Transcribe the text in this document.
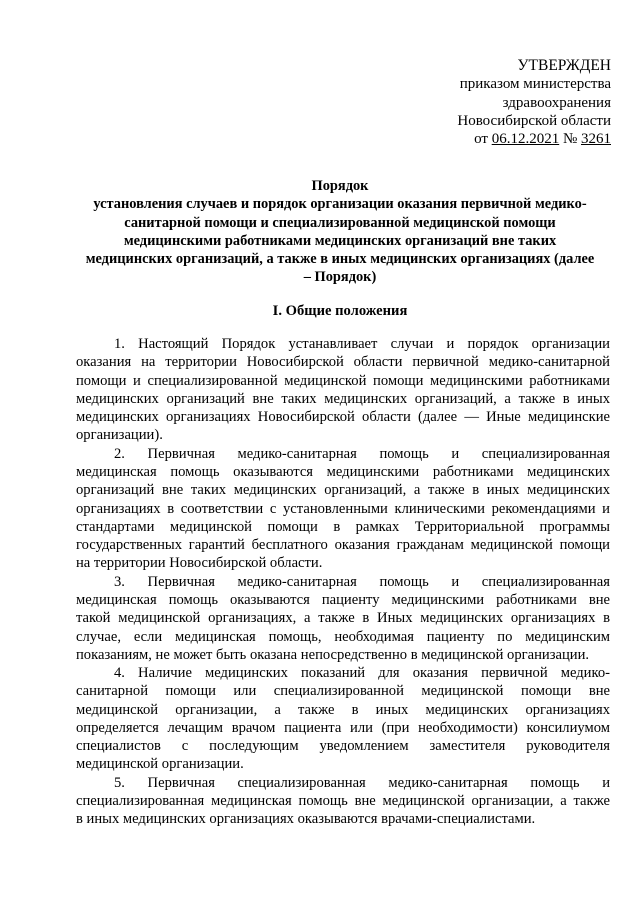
УТВЕРЖДЕН
приказом министерства
здравоохранения
Новосибирской области
от 06.12.2021 № 3261
Порядок
установления случаев и порядок организации оказания первичной медико-
санитарной помощи и специализированной медицинской помощи
медицинскими работниками медицинских организаций вне таких
медицинских организаций, а также в иных медицинских организациях (далее
– Порядок)
I. Общие положения
1. Настоящий Порядок устанавливает случаи и порядок организации
оказания на территории Новосибирской области первичной медико-санитарной
помощи и специализированной медицинской помощи медицинскими работниками
медицинских организаций вне таких медицинских организаций, а также в иных
медицинских организациях Новосибирской области (далее — Иные медицинские
организации).
2. Первичная медико-санитарная помощь и специализированная
медицинская помощь оказываются медицинскими работниками медицинских
организаций вне таких медицинских организаций, а также в иных медицинских
организациях в соответствии с установленными клиническими рекомендациями и
стандартами медицинской помощи в рамках Территориальной программы
государственных гарантий бесплатного оказания гражданам медицинской помощи
на территории Новосибирской области.
3. Первичная медико-санитарная помощь и специализированная
медицинская помощь оказываются пациенту медицинскими работниками вне
такой медицинской организациях, а также в Иных медицинских организациях в
случае, если медицинская помощь, необходимая пациенту по медицинским
показаниям, не может быть оказана непосредственно в медицинской организации.
4. Наличие медицинских показаний для оказания первичной медико-
санитарной помощи или специализированной медицинской помощи вне
медицинской организации, а также в иных медицинских организациях
определяется лечащим врачом пациента или (при необходимости) консилиумом
специалистов с последующим уведомлением заместителя руководителя
медицинской организации.
5. Первичная специализированная медико-санитарная помощь и
специализированная медицинская помощь вне медицинской организации, а также
в иных медицинских организациях оказываются врачами-специалистами.
